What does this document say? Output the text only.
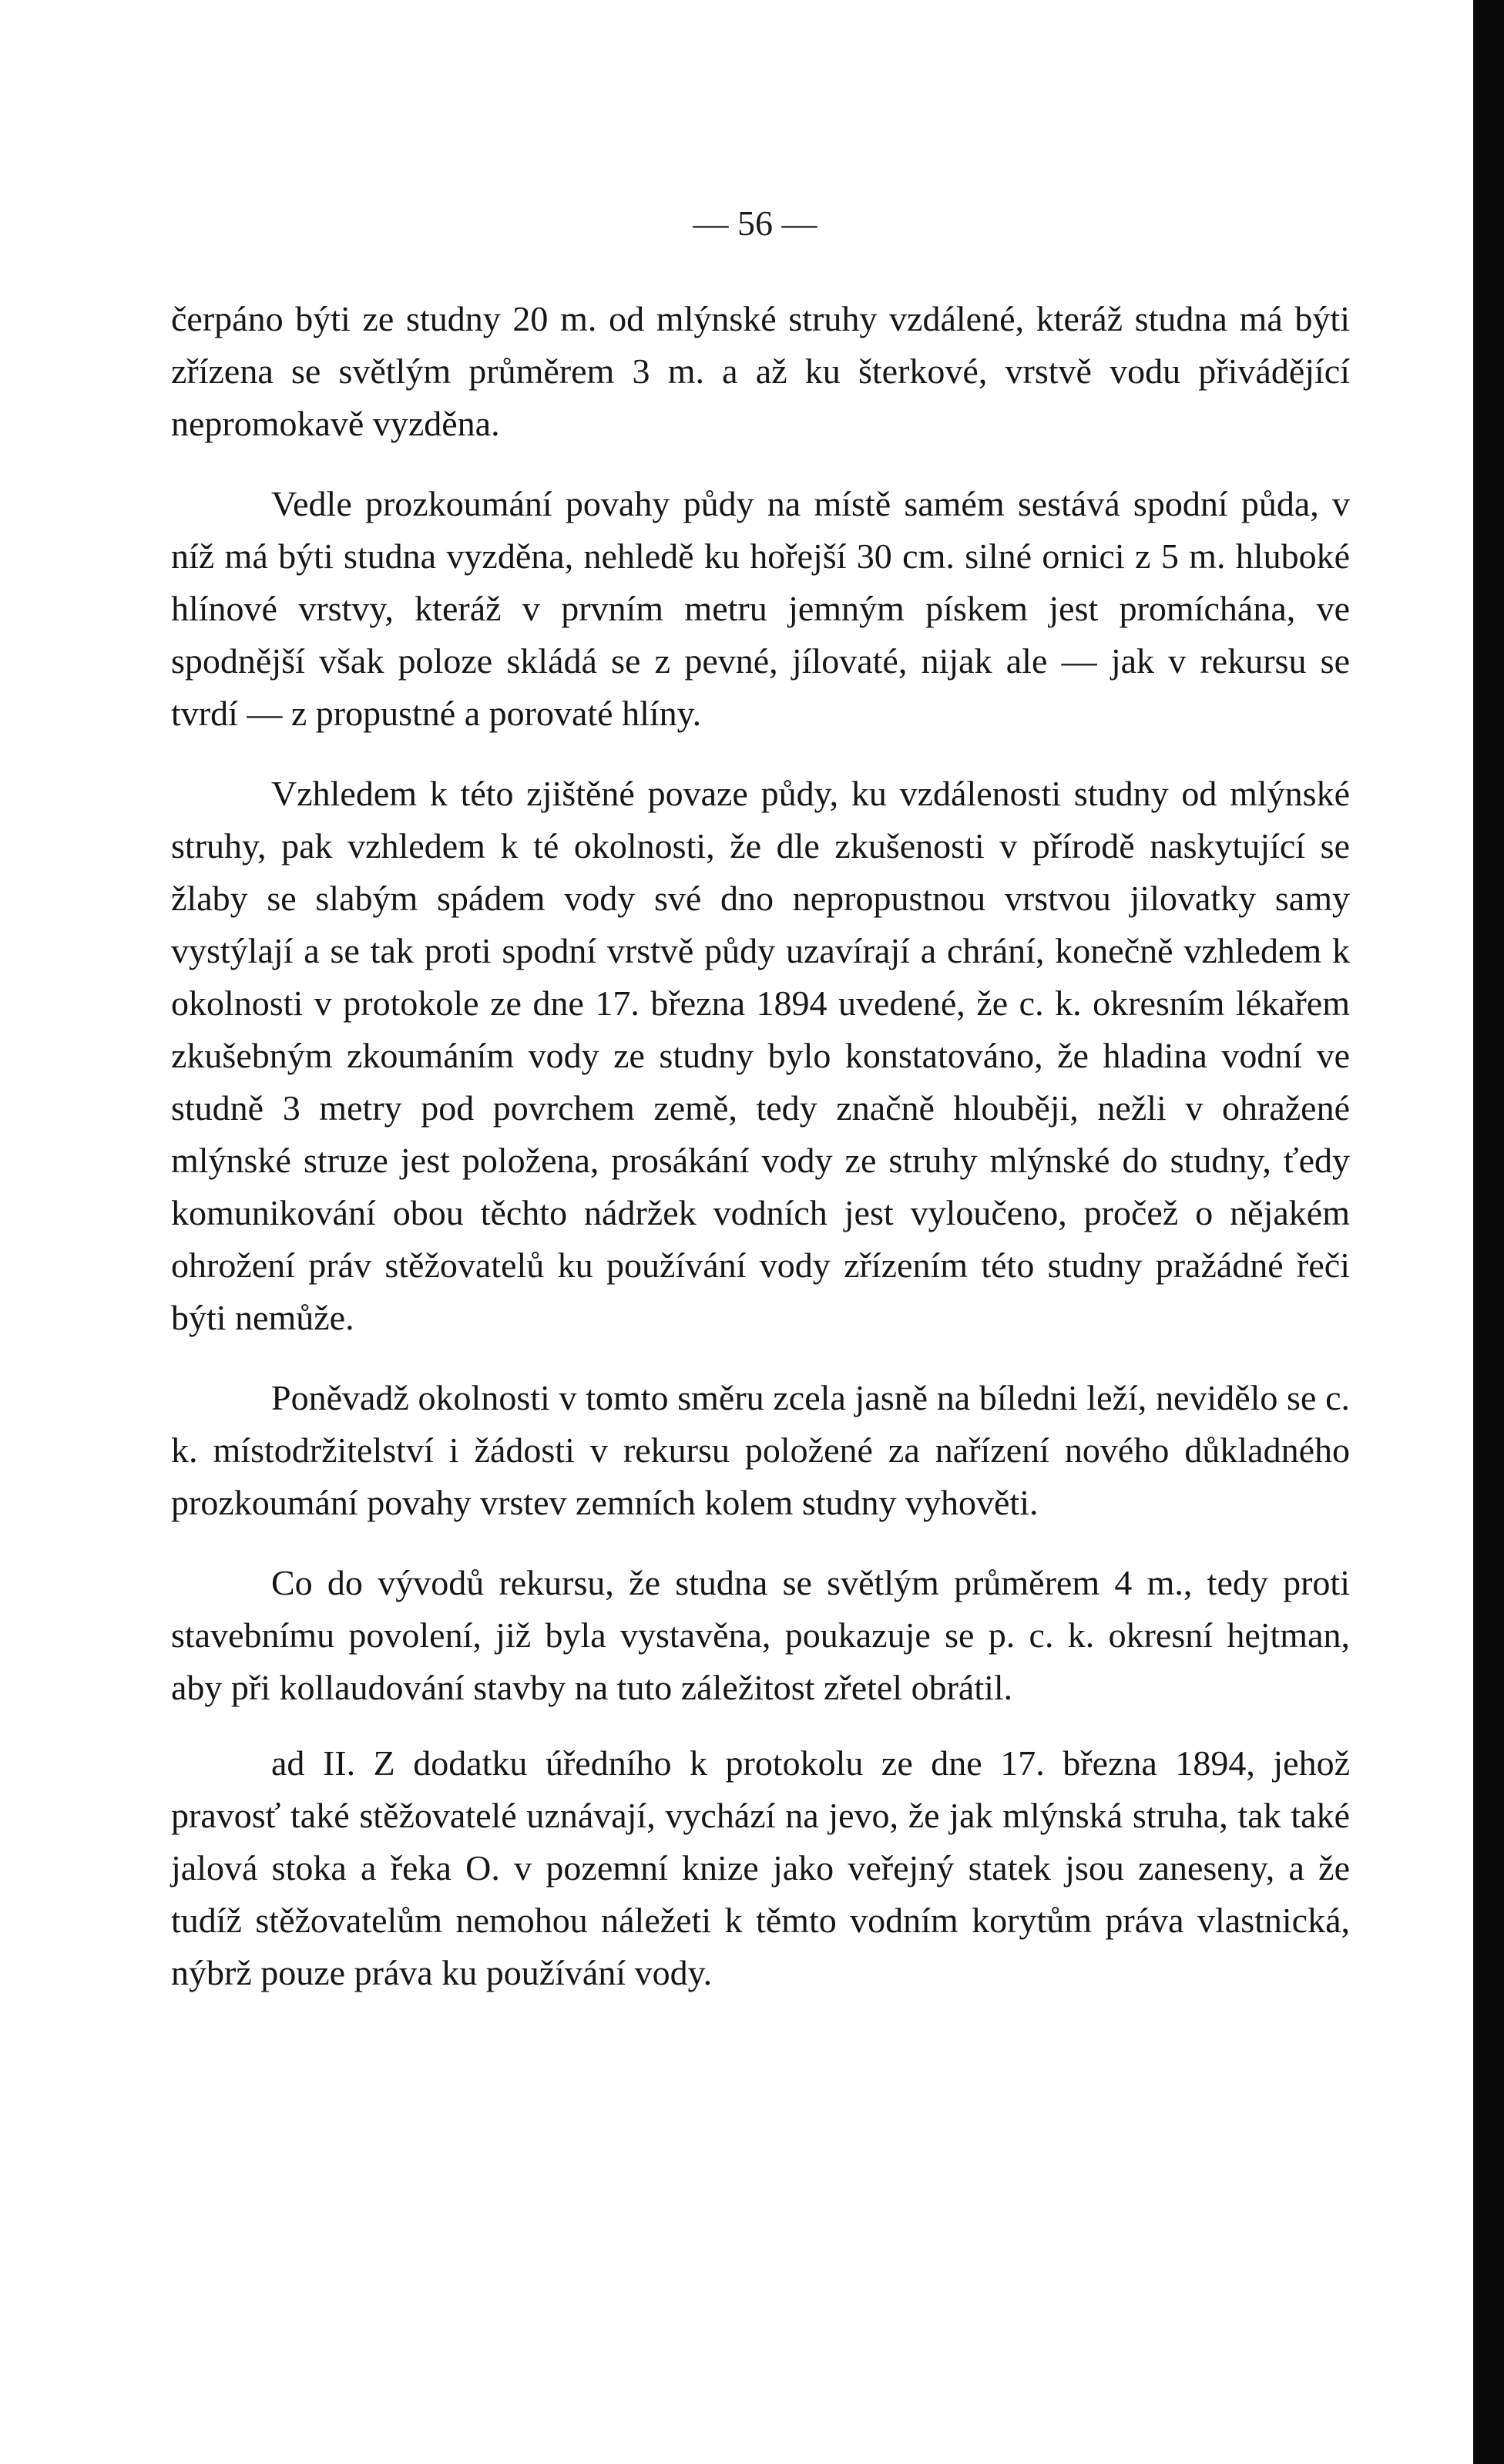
— 56 —

čerpáno býti ze studny 20 m. od mlýnské struhy vzdálené, kteráž studna má býti zřízena se světlým průměrem 3 m. a až ku šterkové, vrstvě vodu přivádějící nepromokavě vyzděna.

Vedle prozkoumání povahy půdy na místě samém sestává spodní půda, v níž má býti studna vyzděna, nehledě ku hořejší 30 cm. silné ornici z 5 m. hluboké hlínové vrstvy, kteráž v prvním metru jemným pískem jest promíchána, ve spodnější však poloze skládá se z pevné, jílovaté, nijak ale — jak v rekursu se tvrdí — z propustné a porovaté hlíny.

Vzhledem k této zjištěné povaze půdy, ku vzdálenosti studny od mlýnské struhy, pak vzhledem k té okolnosti, že dle zkušenosti v přírodě naskytující se žlaby se slabým spádem vody své dno nepropustnou vrstvou jilovatky samy vystýlají a se tak proti spodní vrstvě půdy uzavírají a chrání, konečně vzhledem k okolnosti v protokole ze dne 17. března 1894 uvedené, že c. k. okresním lékařem zkušebným zkoumáním vody ze studny bylo konstatováno, že hladina vodní ve studně 3 metry pod povrchem země, tedy značně hlouběji, nežli v ohražené mlýnské struze jest položena, prosákání vody ze struhy mlýnské do studny, ťedy komunikování obou těchto nádržek vodních jest vyloučeno, pročež o nějakém ohrožení práv stěžovatelů ku používání vody zřízením této studny pražádné řeči býti nemůže.

Poněvadž okolnosti v tomto směru zcela jasně na bíledni leží, nevidělo se c. k. místodržitelství i žádosti v rekursu položené za nařízení nového důkladného prozkoumání povahy vrstev zemních kolem studny vyhověti.

Co do vývodů rekursu, že studna se světlým průměrem 4 m., tedy proti stavebnímu povolení, již byla vystavěna, poukazuje se p. c. k. okresní hejtman, aby při kollaudování stavby na tuto záležitost zřetel obrátil.

ad II. Z dodatku úředního k protokolu ze dne 17. března 1894, jehož pravosť také stěžovatelé uznávají, vychází na jevo, že jak mlýnská struha, tak také jalová stoka a řeka O. v pozemní knize jako veřejný statek jsou zaneseny, a že tudíž stěžovatelům nemohou náležeti k těmto vodním korytům práva vlastnická, nýbrž pouze práva ku používání vody.
